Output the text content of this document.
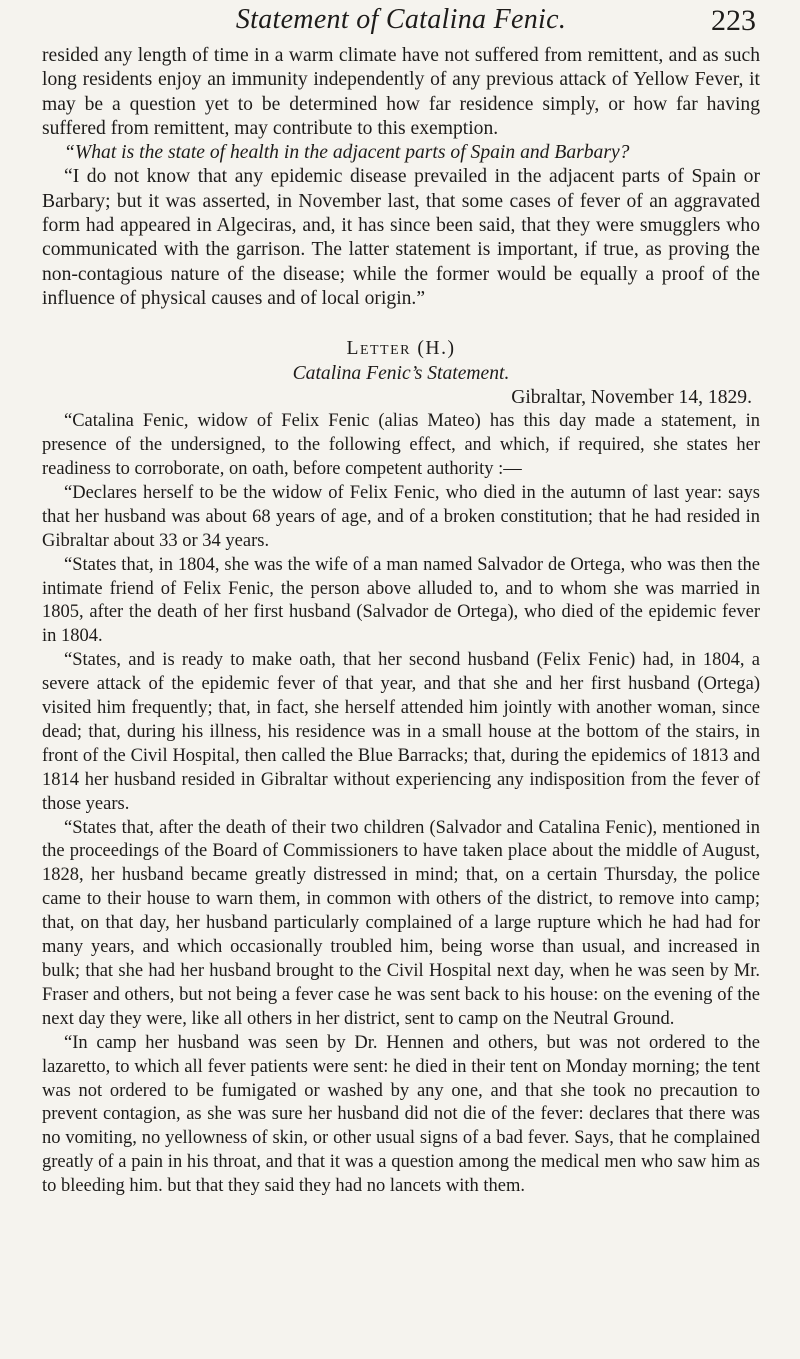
Statement of Catalina Fenic.	223

resided any length of time in a warm climate have not suffered from remittent, and as such long residents enjoy an immunity independently of any previous attack of Yellow Fever, it may be a question yet to be determined how far residence simply, or how far having suffered from remittent, may contribute to this exemption.

“What is the state of health in the adjacent parts of Spain and Barbary?

“I do not know that any epidemic disease prevailed in the adjacent parts of Spain or Barbary; but it was asserted, in November last, that some cases of fever of an aggravated form had appeared in Algeciras, and, it has since been said, that they were smugglers who communicated with the garrison. The latter statement is important, if true, as proving the non-contagious nature of the disease; while the former would be equally a proof of the influence of physical causes and of local origin.”

Letter (H.)

Catalina Fenic’s Statement.

Gibraltar, November 14, 1829.

“Catalina Fenic, widow of Felix Fenic (alias Mateo) has this day made a statement, in presence of the undersigned, to the following effect, and which, if required, she states her readiness to corroborate, on oath, before competent authority :—

“Declares herself to be the widow of Felix Fenic, who died in the autumn of last year: says that her husband was about 68 years of age, and of a broken constitution; that he had resided in Gibraltar about 33 or 34 years.

“States that, in 1804, she was the wife of a man named Salvador de Ortega, who was then the intimate friend of Felix Fenic, the person above alluded to, and to whom she was married in 1805, after the death of her first husband (Salvador de Ortega), who died of the epidemic fever in 1804.

“States, and is ready to make oath, that her second husband (Felix Fenic) had, in 1804, a severe attack of the epidemic fever of that year, and that she and her first husband (Ortega) visited him frequently; that, in fact, she herself attended him jointly with another woman, since dead; that, during his illness, his residence was in a small house at the bottom of the stairs, in front of the Civil Hospital, then called the Blue Barracks; that, during the epidemics of 1813 and 1814 her husband resided in Gibraltar without experiencing any indisposition from the fever of those years.

“States that, after the death of their two children (Salvador and Catalina Fenic), mentioned in the proceedings of the Board of Commissioners to have taken place about the middle of August, 1828, her husband became greatly distressed in mind; that, on a certain Thursday, the police came to their house to warn them, in common with others of the district, to remove into camp; that, on that day, her husband particularly complained of a large rupture which he had had for many years, and which occasionally troubled him, being worse than usual, and increased in bulk; that she had her husband brought to the Civil Hospital next day, when he was seen by Mr. Fraser and others, but not being a fever case he was sent back to his house: on the evening of the next day they were, like all others in her district, sent to camp on the Neutral Ground.

“In camp her husband was seen by Dr. Hennen and others, but was not ordered to the lazaretto, to which all fever patients were sent: he died in their tent on Monday morning; the tent was not ordered to be fumigated or washed by any one, and that she took no precaution to prevent contagion, as she was sure her husband did not die of the fever: declares that there was no vomiting, no yellowness of skin, or other usual signs of a bad fever. Says, that he complained greatly of a pain in his throat, and that it was a question among the medical men who saw him as to bleeding him. but that they said they had no lancets with them.
